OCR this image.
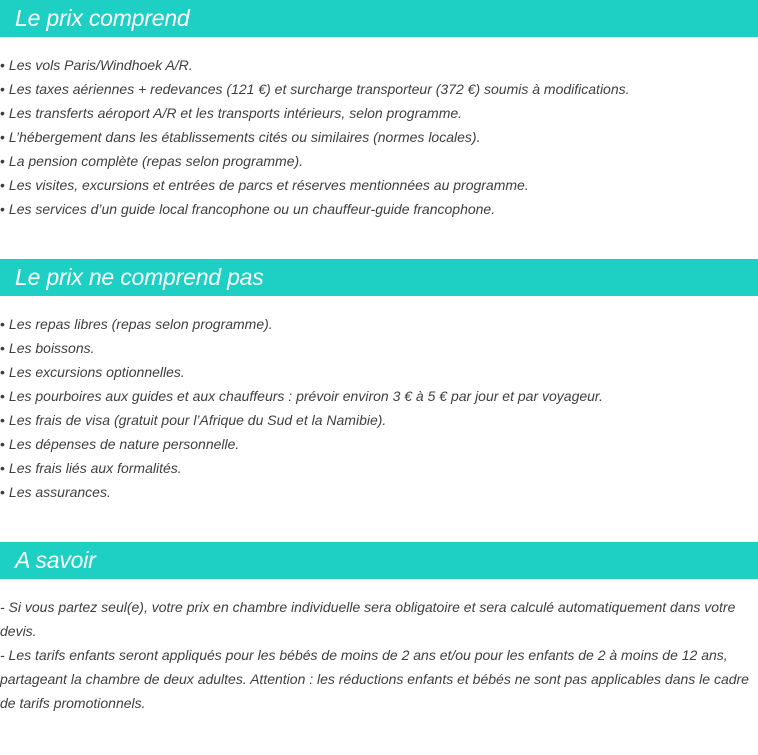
Le prix comprend
• Les vols Paris/Windhoek A/R.
• Les taxes aériennes + redevances (121 €) et surcharge transporteur (372 €) soumis à modifications.
• Les transferts aéroport A/R et les transports intérieurs, selon programme.
• L’hébergement dans les établissements cités ou similaires (normes locales).
• La pension complète (repas selon programme).
• Les visites, excursions et entrées de parcs et réserves mentionnées au programme.
• Les services d’un guide local francophone ou un chauffeur-guide francophone.
Le prix ne comprend pas
• Les repas libres (repas selon programme).
• Les boissons.
• Les excursions optionnelles.
• Les pourboires aux guides et aux chauffeurs : prévoir environ 3 € à 5 € par jour et par voyageur.
• Les frais de visa (gratuit pour l’Afrique du Sud et la Namibie).
• Les dépenses de nature personnelle.
• Les frais liés aux formalités.
• Les assurances.
A savoir

- Si vous partez seul(e), votre prix en chambre individuelle sera obligatoire et sera calculé automatiquement dans votre devis.

- Les tarifs enfants seront appliqués pour les bébés de moins de 2 ans et/ou pour les enfants de 2 à moins de 12 ans, partageant la chambre de deux adultes. Attention : les réductions enfants et bébés ne sont pas applicables dans le cadre de tarifs promotionnels.
